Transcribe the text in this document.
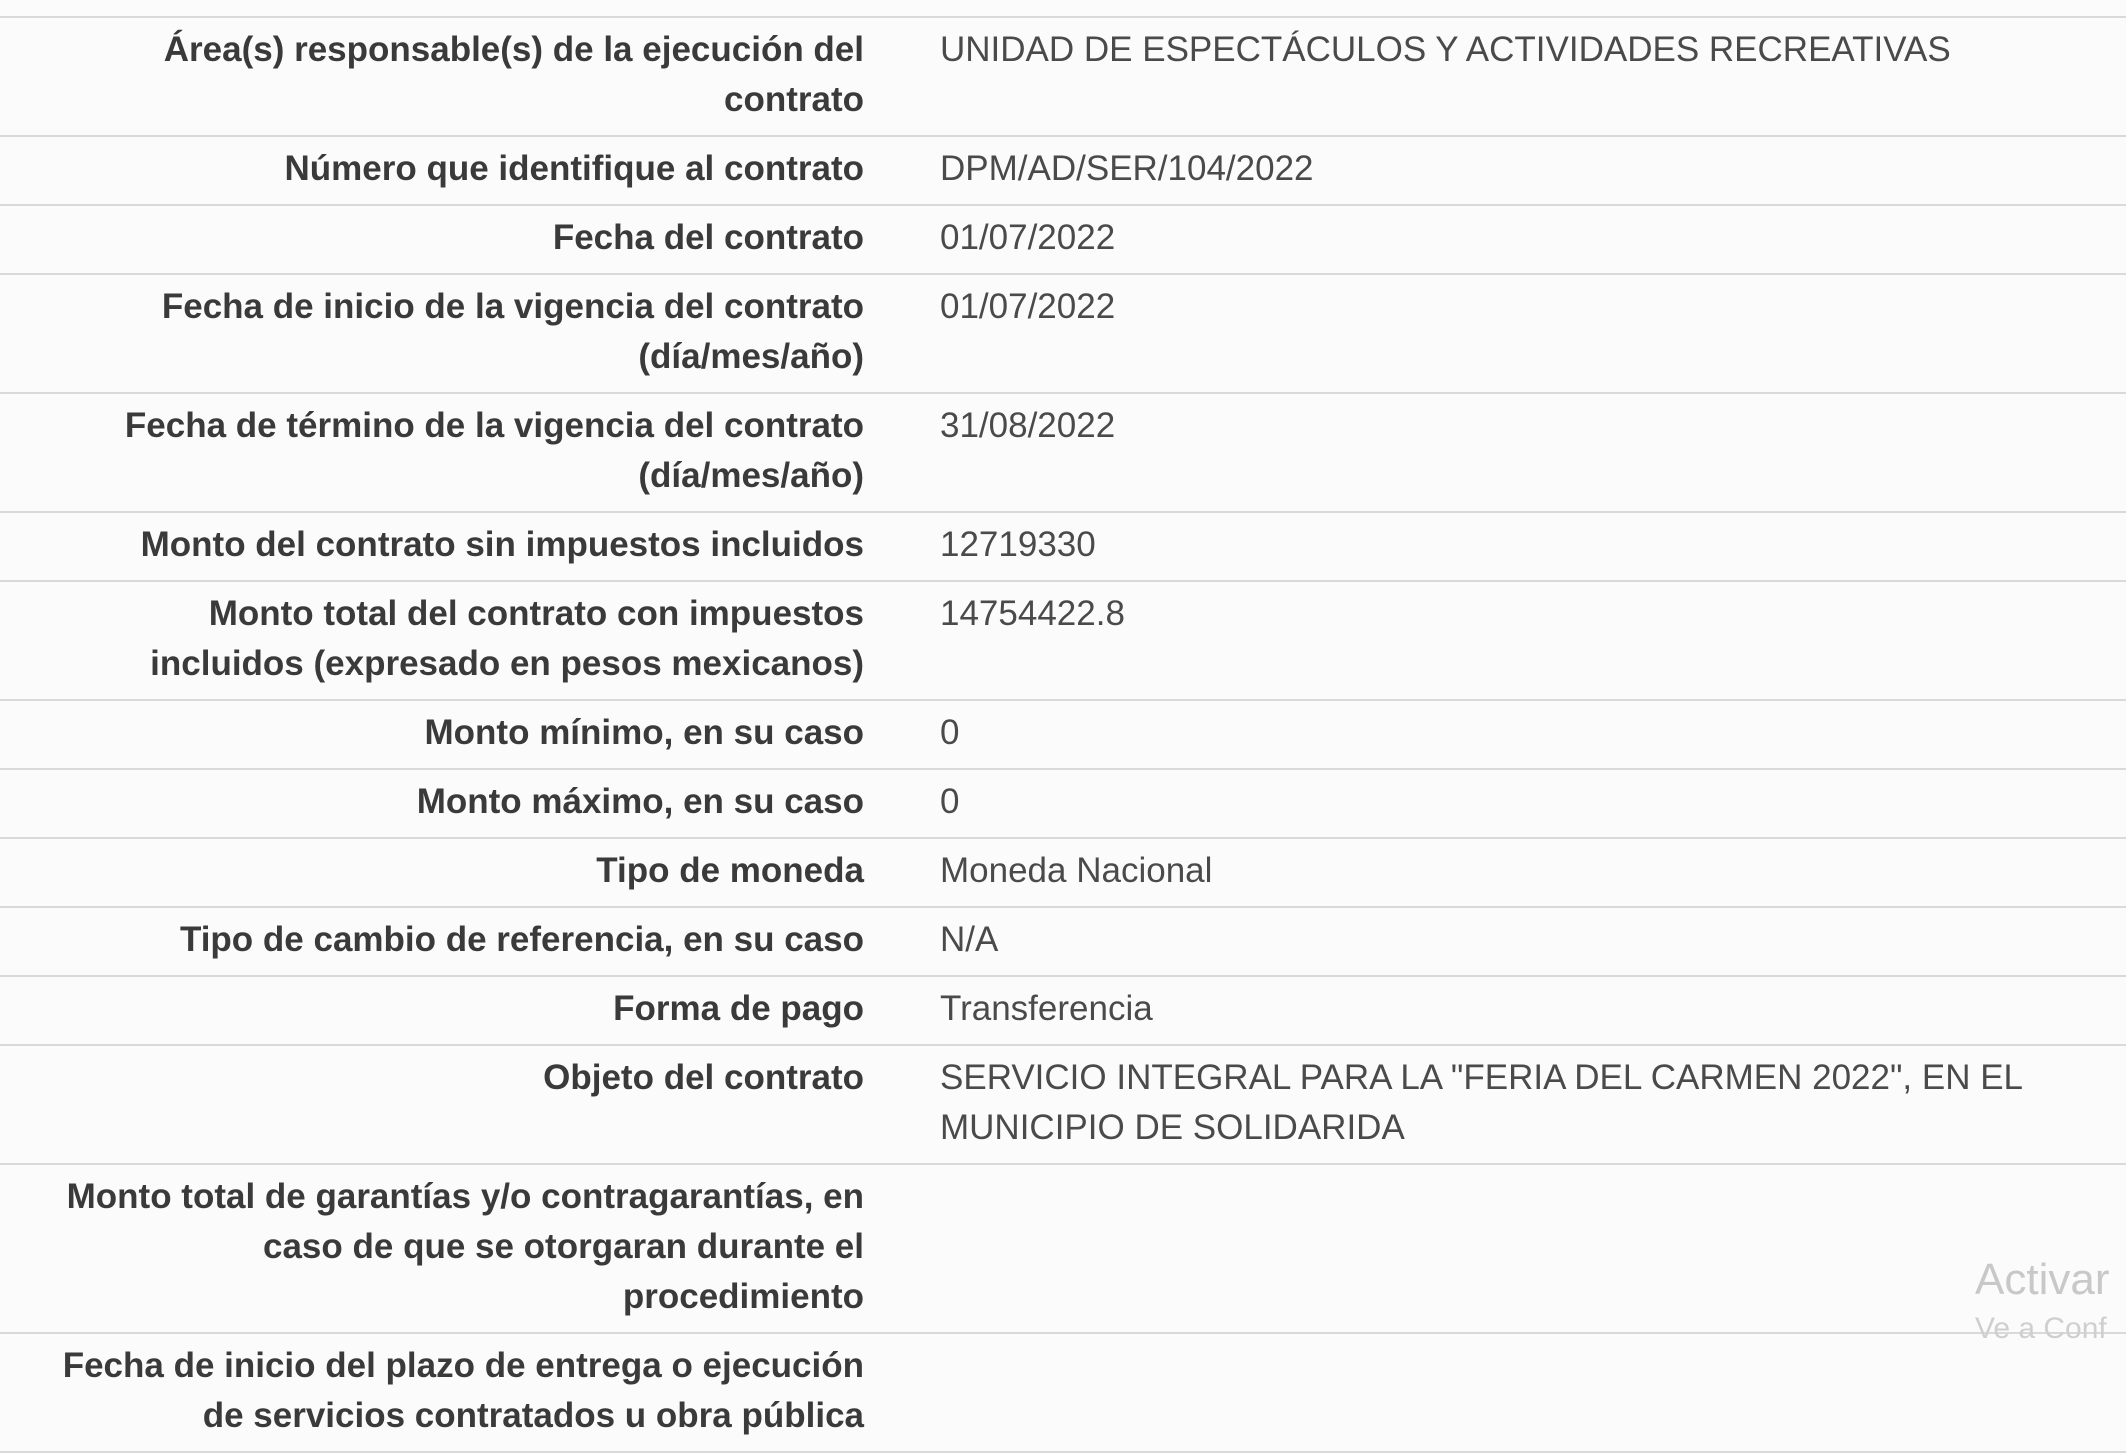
Área(s) responsable(s) de la ejecución del
contrato
UNIDAD DE ESPECTÁCULOS Y ACTIVIDADES RECREATIVAS
Número que identifique al contrato DPM/AD/SER/104/2022
Fecha del contrato 01/07/2022
Fecha de inicio de la vigencia del contrato
(día/mes/año)
01/07/2022
Fecha de término de la vigencia del contrato
(día/mes/año)
31/08/2022
Monto del contrato sin impuestos incluidos 12719330
Monto total del contrato con impuestos
incluidos (expresado en pesos mexicanos)
14754422.8
Monto mínimo, en su caso 0
Monto máximo, en su caso 0
Tipo de moneda Moneda Nacional
Tipo de cambio de referencia, en su caso N/A
Forma de pago Transferencia
Objeto del contrato SERVICIO INTEGRAL PARA LA "FERIA DEL CARMEN 2022", EN EL
MUNICIPIO DE SOLIDARIDA
Monto total de garantías y/o contragarantías, en
caso de que se otorgaran durante el
procedimiento
Fecha de inicio del plazo de entrega o ejecución
de servicios contratados u obra pública
Activar
Ve a Conf
